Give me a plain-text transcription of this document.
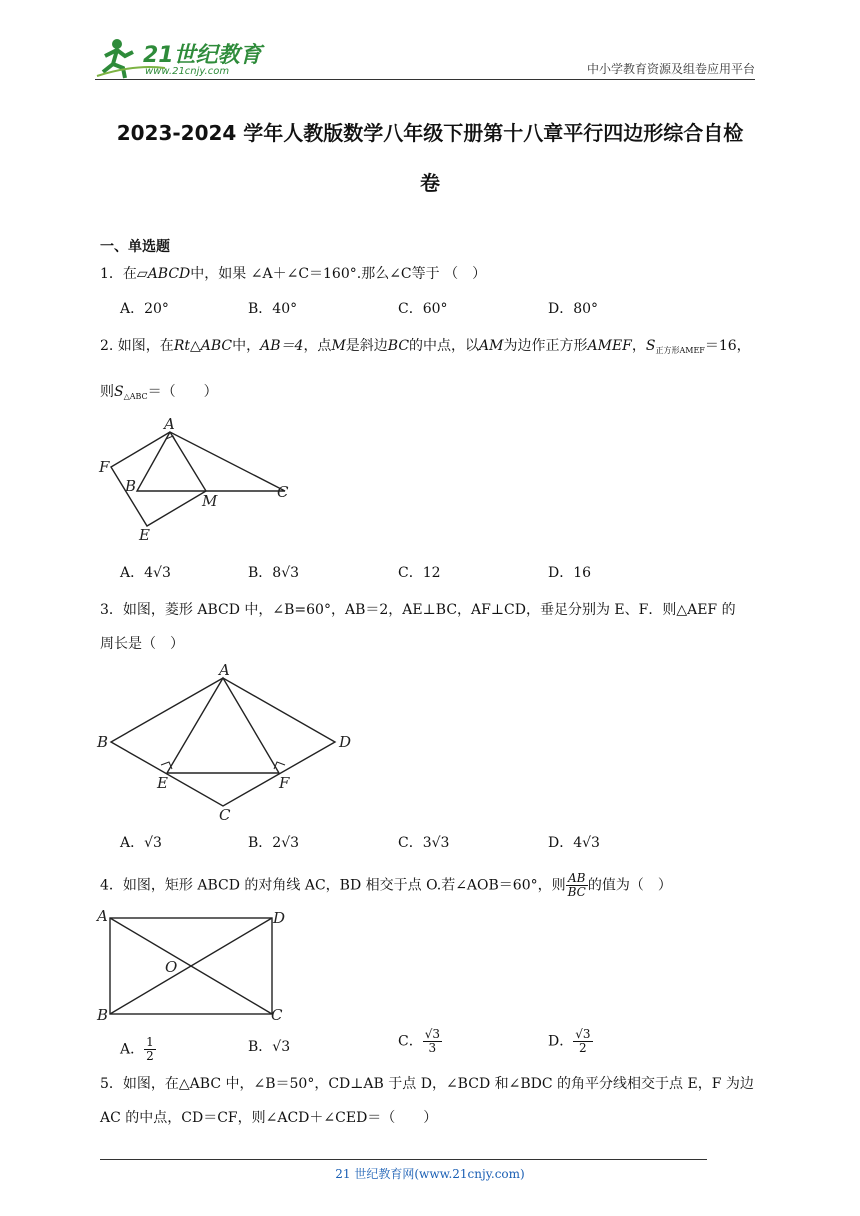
21世纪教育
www.21cnjy.com	中小学教育资源及组卷应用平台
2023-2024 学年人教版数学八年级下册第十八章平行四边形综合自检
卷
一、单选题
1．在▱ABCD中，如果 ∠A＋∠C＝160°.那么∠C等于 （　）
A．20°	B．40°	C．60°	D．80°
2. 如图，在Rt△ABC中，AB＝4，点M是斜边BC的中点，以AM为边作正方形AMEF，$S_{正方形AMEF}=16$，
则$S_{\triangle ABC}=$（　　）
A
B	C
E
F
M
A．4√3	B．8√3	C．12	D．16
3．如图，菱形 ABCD 中，∠B=60°，AB＝2，AE⊥BC，AF⊥CD，垂足分别为 E、F．则△AEF 的
周长是（　）
A
B
C
D
E	F
A．√3	B．2√3	C．3√3	D．4√3
4．如图，矩形 ABCD 的对角线 AC，BD 相交于点 O.若∠AOB＝60°，则 $\frac{AB}{BC}$ 的值为（　）
A	D
B	C
O
A． $\frac{1}{2}$	B．√3	C． $\frac{√3}{3}$	D． $\frac{√3}{2}$
5．如图，在△ABC 中，∠B＝50°，CD⊥AB 于点 D，∠BCD 和∠BDC 的角平分线相交于点 E，F 为边
AC 的中点，CD＝CF，则∠ACD＋∠CED＝（　　）
21 世纪教育网(www.21cnjy.com)
